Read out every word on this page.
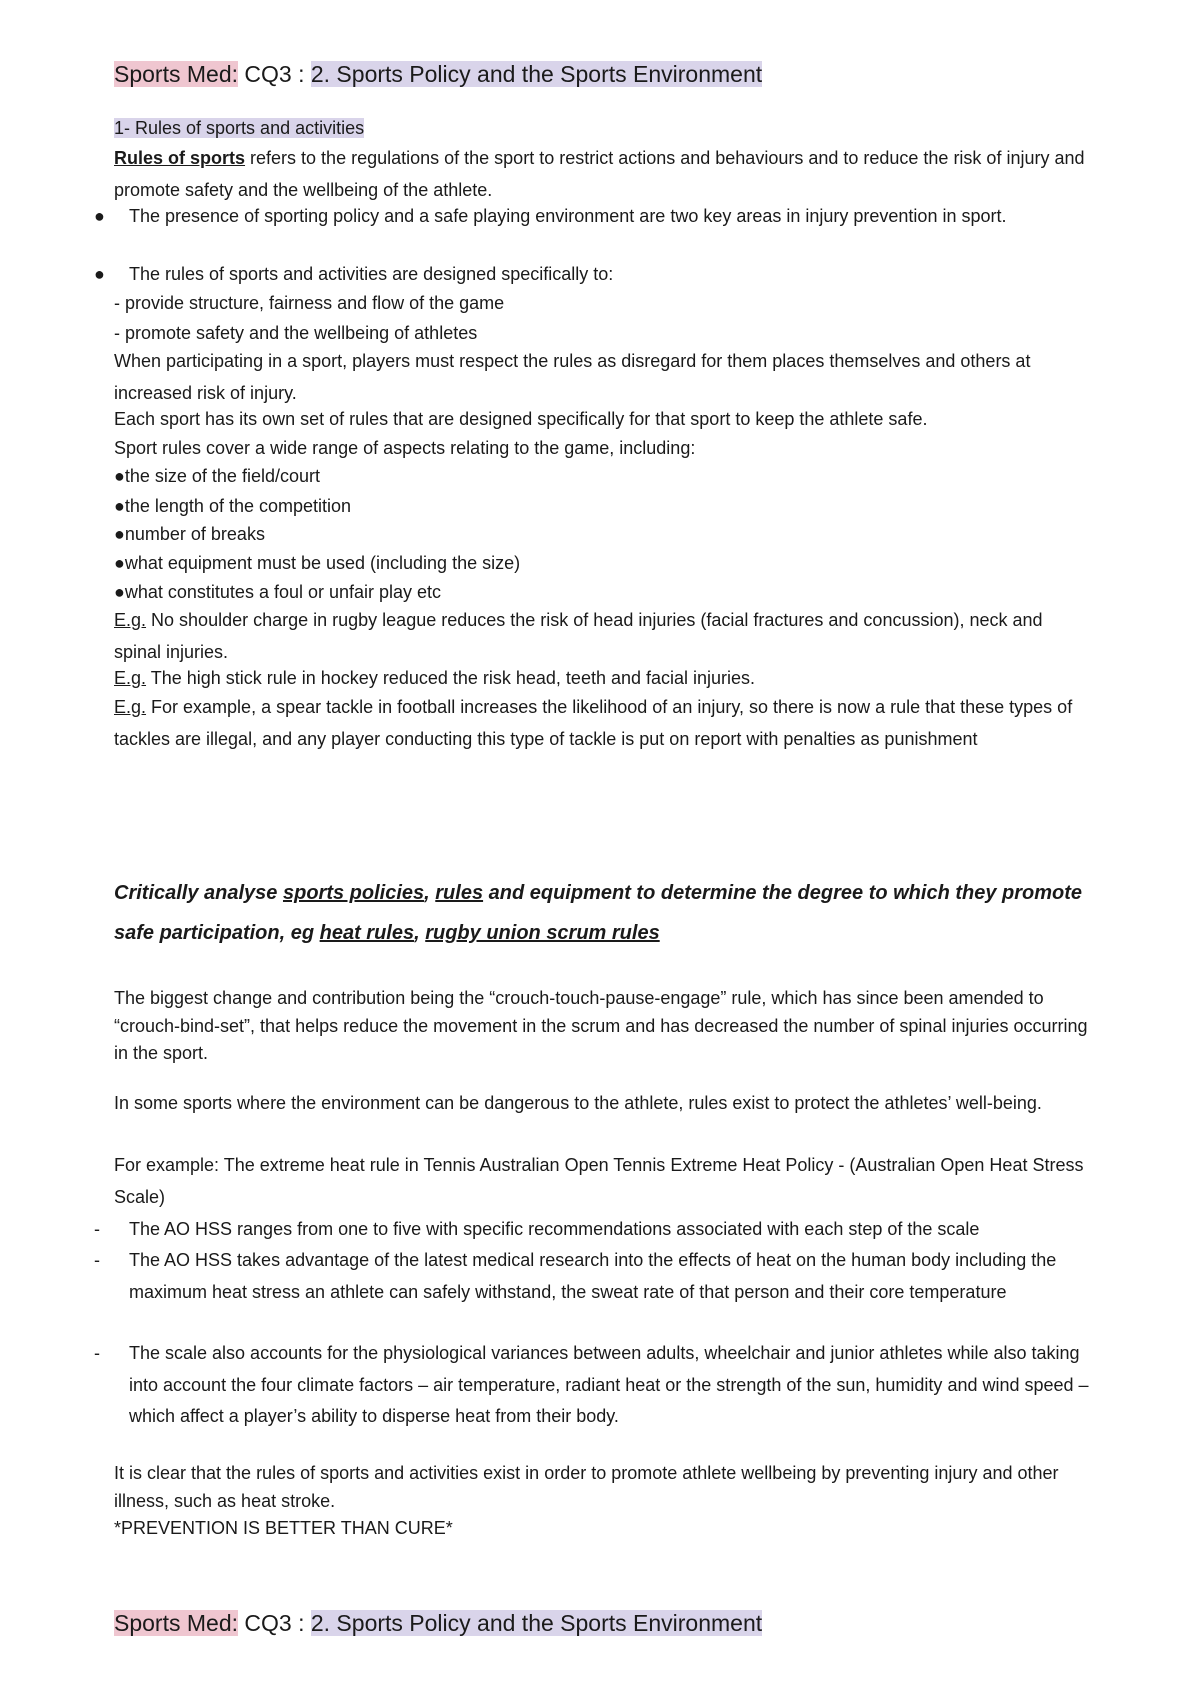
Sports Med: CQ3 : 2. Sports Policy and the Sports Environment

1- Rules of sports and activities

Rules of sports refers to the regulations of the sport to restrict actions and behaviours and to reduce the risk of injury and promote safety and the wellbeing of the athlete.

● The presence of sporting policy and a safe playing environment are two key areas in injury prevention in sport.

● The rules of sports and activities are designed specifically to:

- provide structure, fairness and flow of the game

- promote safety and the wellbeing of athletes

When participating in a sport, players must respect the rules as disregard for them places themselves and others at increased risk of injury.

Each sport has its own set of rules that are designed specifically for that sport to keep the athlete safe.

Sport rules cover a wide range of aspects relating to the game, including:

●the size of the field/court

●the length of the competition

●number of breaks

●what equipment must be used (including the size)

●what constitutes a foul or unfair play etc

E.g. No shoulder charge in rugby league reduces the risk of head injuries (facial fractures and concussion), neck and spinal injuries.

E.g. The high stick rule in hockey reduced the risk head, teeth and facial injuries.

E.g. For example, a spear tackle in football increases the likelihood of an injury, so there is now a rule that these types of tackles are illegal, and any player conducting this type of tackle is put on report with penalties as punishment

Critically analyse sports policies, rules and equipment to determine the degree to which they promote safe participation, eg heat rules, rugby union scrum rules

The biggest change and contribution being the “crouch-touch-pause-engage” rule, which has since been amended to “crouch-bind-set”, that helps reduce the movement in the scrum and has decreased the number of spinal injuries occurring in the sport.

In some sports where the environment can be dangerous to the athlete, rules exist to protect the athletes’ well-being.

For example: The extreme heat rule in Tennis Australian Open Tennis Extreme Heat Policy - (Australian Open Heat Stress Scale)

- The AO HSS ranges from one to five with specific recommendations associated with each step of the scale

- The AO HSS takes advantage of the latest medical research into the effects of heat on the human body including the maximum heat stress an athlete can safely withstand, the sweat rate of that person and their core temperature

- The scale also accounts for the physiological variances between adults, wheelchair and junior athletes while also taking into account the four climate factors – air temperature, radiant heat or the strength of the sun, humidity and wind speed – which affect a player’s ability to disperse heat from their body.

It is clear that the rules of sports and activities exist in order to promote athlete wellbeing by preventing injury and other illness, such as heat stroke.

*PREVENTION IS BETTER THAN CURE*

Sports Med: CQ3 : 2. Sports Policy and the Sports Environment
